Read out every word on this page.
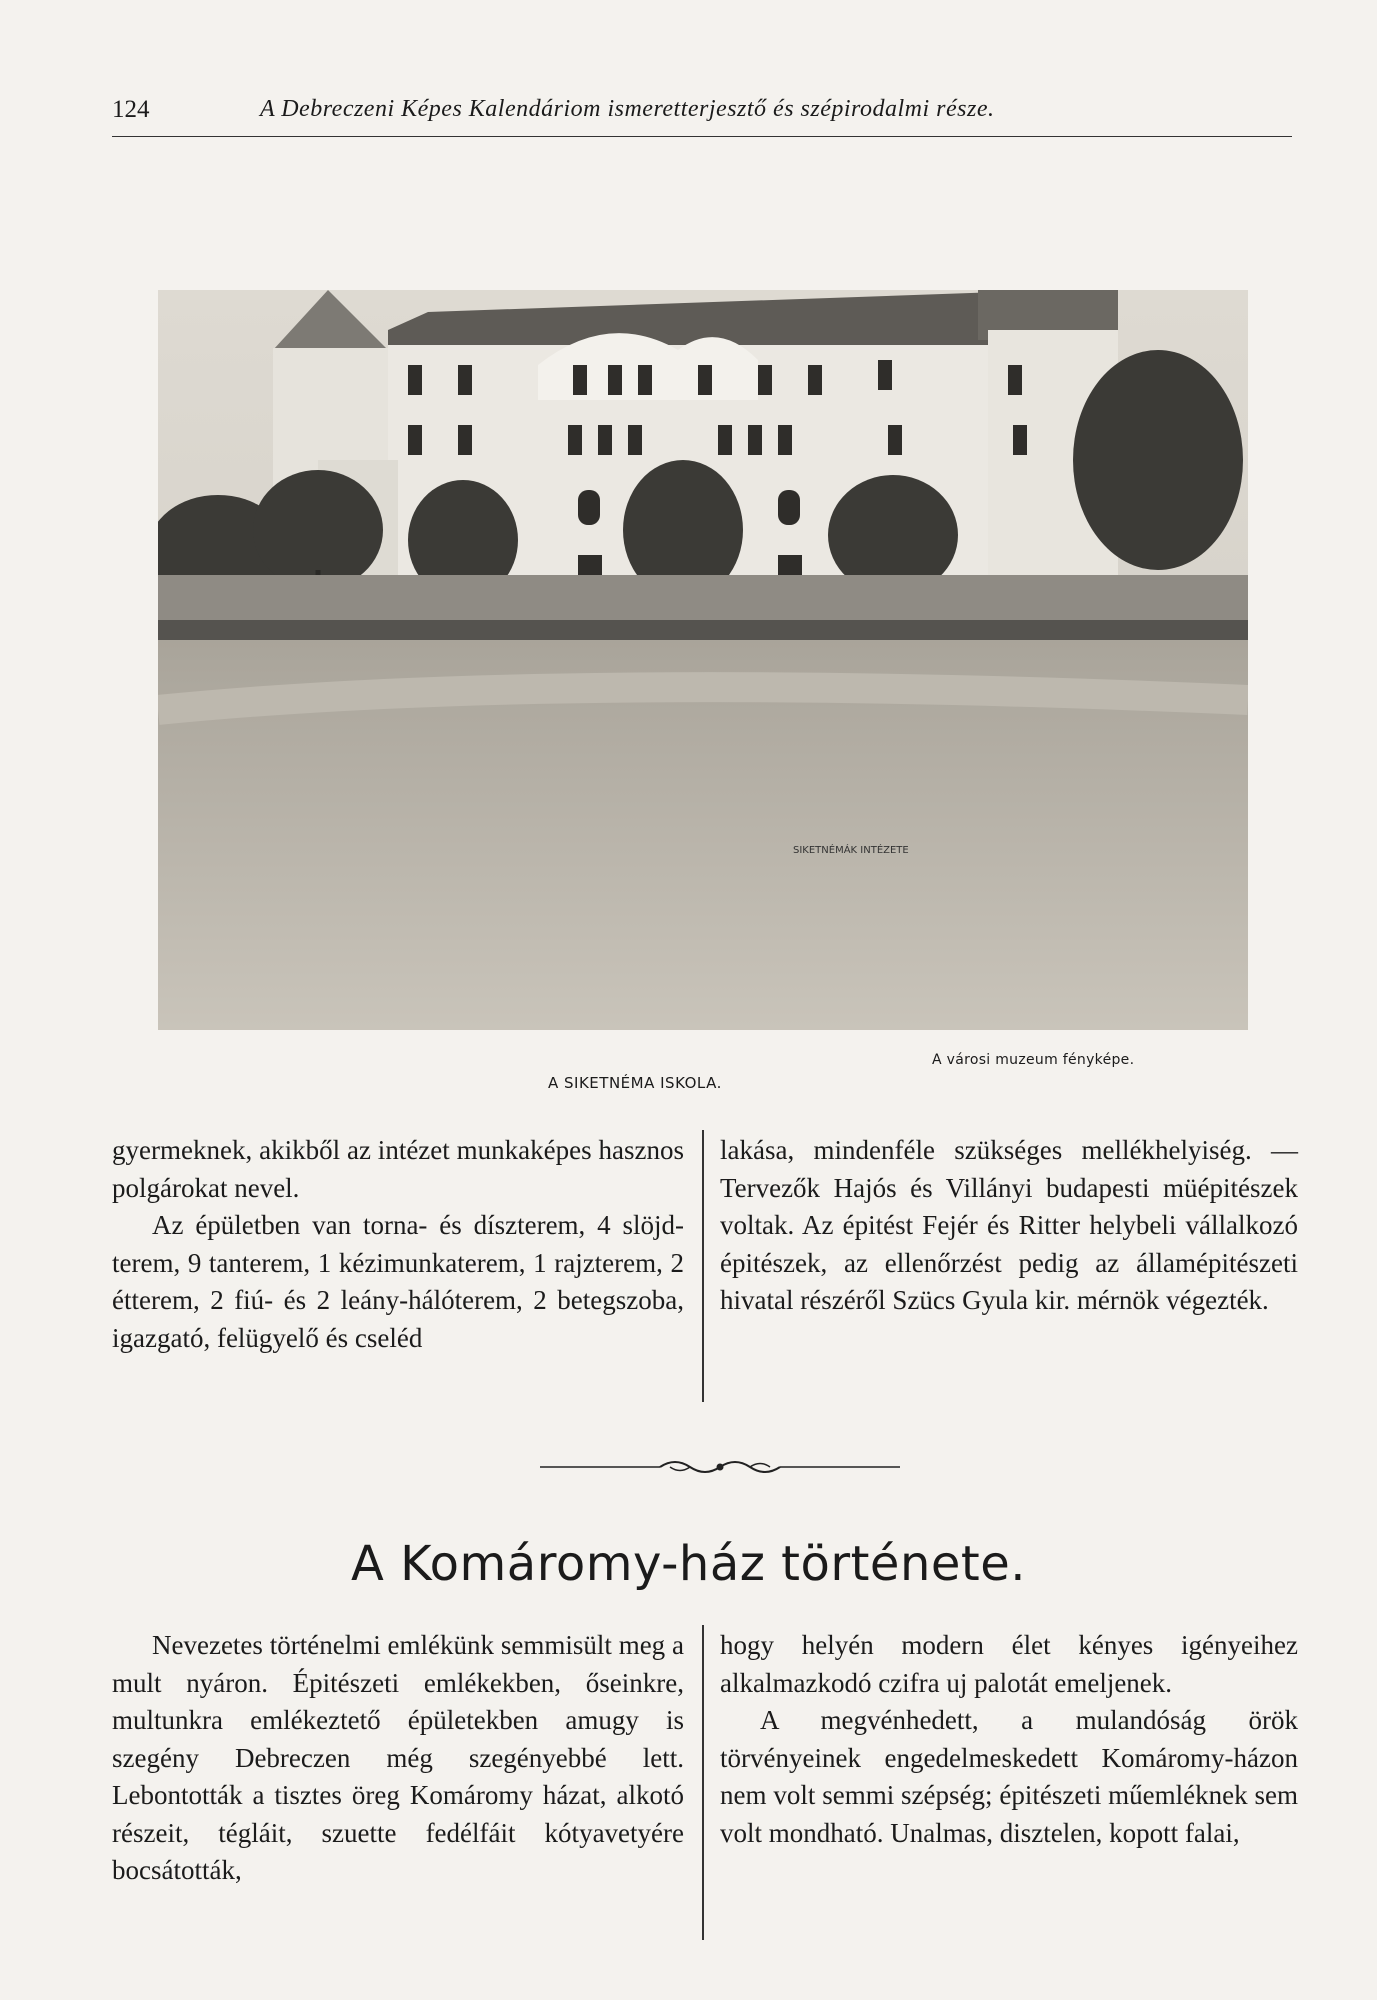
124	A Debreczeni Képes Kalendáriom ismeretterjesztő és szépirodalmi része.
SIKETNÉMÁK INTÉZETE
A városi muzeum fényképe.
A SIKETNÉMA ISKOLA.

gyermeknek, akikből az intézet munkaképes hasznos polgárokat nevel.

Az épületben van torna- és díszterem, 4 slöjd-terem, 9 tanterem, 1 kézimunkaterem, 1 rajzterem, 2 étterem, 2 fiú- és 2 leány-hálóterem, 2 betegszoba, igazgató, felügyelő és cseléd

lakása, mindenféle szükséges mellékhelyiség. — Tervezők Hajós és Villányi budapesti müépitészek voltak. Az épitést Fejér és Ritter helybeli vállalkozó épitészek, az ellenőrzést pedig az államépitészeti hivatal részéről Szücs Gyula kir. mérnök végezték.

A Komáromy-ház története.

Nevezetes történelmi emlékünk semmisült meg a mult nyáron. Épitészeti emlékekben, őseinkre, multunkra emlékeztető épületekben amugy is szegény Debreczen még szegényebbé lett. Lebontották a tisztes öreg Komáromy házat, alkotó részeit, tégláit, szuette fedélfáit kótyavetyére bocsátották,

hogy helyén modern élet kényes igényeihez alkalmazkodó czifra uj palotát emeljenek.

A megvénhedett, a mulandóság örök törvényeinek engedelmeskedett Komáromy-házon nem volt semmi szépség; épitészeti műemléknek sem volt mondható. Unalmas, disztelen, kopott falai,
